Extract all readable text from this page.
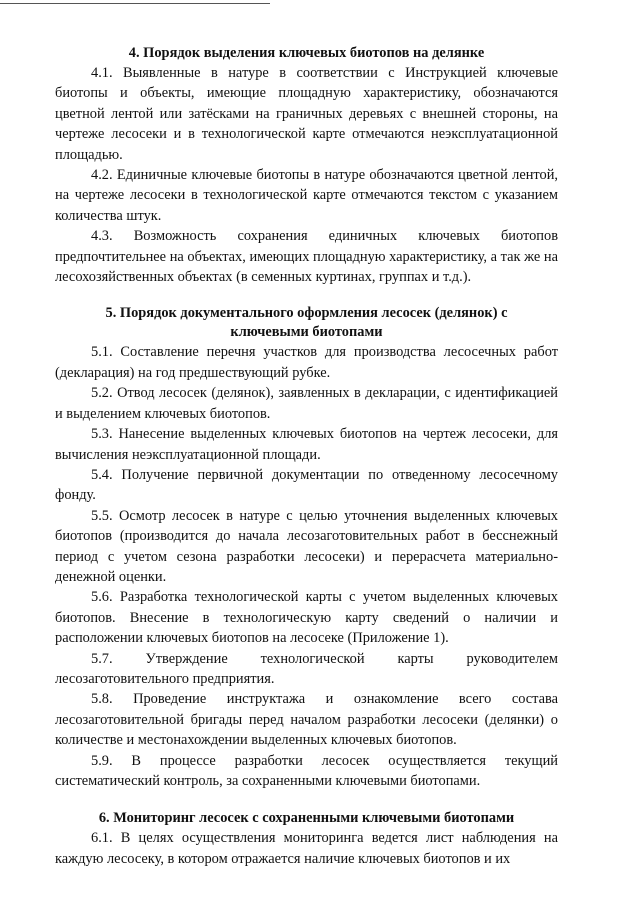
4. Порядок выделения ключевых биотопов на делянке

4.1. Выявленные в натуре в соответствии с Инструкцией ключевые биотопы и объекты, имеющие площадную характеристику, обозначаются цветной лентой или затёсками на граничных деревьях с внешней стороны, на чертеже лесосеки и в технологической карте отмечаются неэксплуатационной площадью.

4.2. Единичные ключевые биотопы в натуре обозначаются цветной лентой, на чертеже лесосеки в технологической карте отмечаются текстом с указанием количества штук.

4.3. Возможность сохранения единичных ключевых биотопов предпочтительнее на объектах, имеющих площадную характеристику, а так же на лесохозяйственных объектах (в семенных куртинах, группах и т.д.).

5. Порядок документального оформления лесосек (делянок) с
ключевыми биотопами

5.1. Составление перечня участков для производства лесосечных работ (декларация) на год предшествующий рубке.

5.2. Отвод лесосек (делянок), заявленных в декларации, с идентификацией и выделением ключевых биотопов.

5.3. Нанесение выделенных ключевых биотопов на чертеж лесосеки, для вычисления неэксплуатационной площади.

5.4. Получение первичной документации по отведенному лесосечному фонду.

5.5. Осмотр лесосек в натуре с целью уточнения выделенных ключевых биотопов (производится до начала лесозаготовительных работ в бесснежный период с учетом сезона разработки лесосеки) и перерасчета материально-денежной оценки.

5.6. Разработка технологической карты с учетом выделенных ключевых биотопов. Внесение в технологическую карту сведений о наличии и расположении ключевых биотопов на лесосеке (Приложение 1).

5.7. Утверждение технологической карты руководителем лесозаготовительного предприятия.

5.8. Проведение инструктажа и ознакомление всего состава лесозаготовительной бригады перед началом разработки лесосеки (делянки) о количестве и местонахождении выделенных ключевых биотопов.

5.9. В процессе разработки лесосек осуществляется текущий систематический контроль, за сохраненными ключевыми биотопами.

6. Мониторинг лесосек с сохраненными ключевыми биотопами

6.1. В целях осуществления мониторинга ведется лист наблюдения на каждую лесосеку, в котором отражается наличие ключевых биотопов и их
